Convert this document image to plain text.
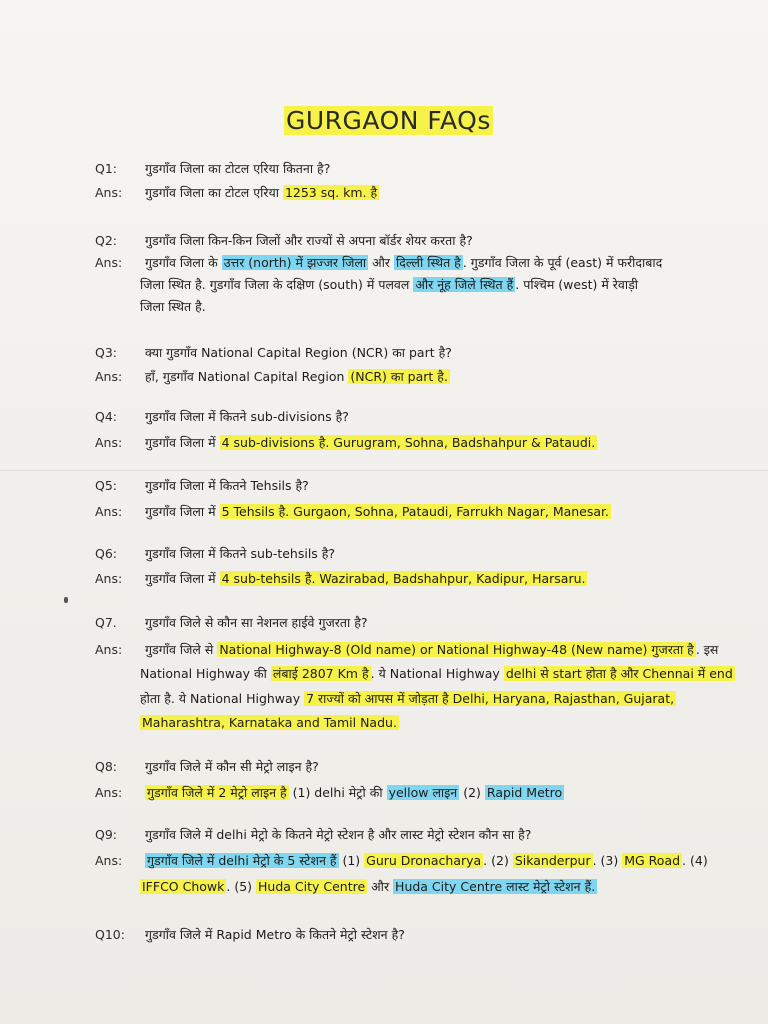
GURGAON FAQs
Q1: गुडगाँव जिला का टोटल एरिया कितना है?
Ans: गुडगाँव जिला का टोटल एरिया 1253 sq. km. है
Q2: गुडगाँव जिला किन-किन जिलों और राज्यों से अपना बॉर्डर शेयर करता है?
Ans: गुडगाँव जिला के उत्तर (north) में झज्जर जिला और दिल्ली स्थित है . गुडगाँव जिला के पूर्व (east) में फरीदाबाद
जिला स्थित है. गुडगाँव जिला के दक्षिण (south) में पलवल और नूंह जिले स्थित हैं . पश्चिम (west) में रेवाड़ी
जिला स्थित है.
Q3: क्या गुडगाँव National Capital Region (NCR) का part है?
Ans: हाँ, गुडगाँव National Capital Region (NCR) का part है.
Q4: गुडगाँव जिला में कितने sub-divisions है?
Ans: गुडगाँव जिला में 4 sub-divisions है. Gurugram, Sohna, Badshahpur & Pataudi.
Q5: गुडगाँव जिला में कितने Tehsils है?
Ans: गुडगाँव जिला में 5 Tehsils है. Gurgaon, Sohna, Pataudi, Farrukh Nagar, Manesar.
Q6: गुडगाँव जिला में कितने sub-tehsils है?
Ans: गुडगाँव जिला में 4 sub-tehsils है. Wazirabad, Badshahpur, Kadipur, Harsaru.
Q7. गुडगाँव जिले से कौन सा नेशनल हाईवे गुजरता है?
Ans: गुडगाँव जिले से National Highway-8 (Old name) or National Highway-48 (New name) गुजरता है . इस
National Highway की लंबाई 2807 Km है . ये National Highway delhi से start होता है और Chennai में end
होता है. ये National Highway 7 राज्यों को आपस में जोड़ता है Delhi, Haryana, Rajasthan, Gujarat,
Maharashtra, Karnataka and Tamil Nadu.
Q8: गुडगाँव जिले में कौन सी मेट्रो लाइन है?
Ans: गुडगाँव जिले में 2 मेट्रो लाइन है (1) delhi मेट्रो की yellow लाइन (2) Rapid Metro
Q9: गुडगाँव जिले में delhi मेट्रो के कितने मेट्रो स्टेशन है और लास्ट मेट्रो स्टेशन कौन सा है?
Ans: गुडगाँव जिले में delhi मेट्रो के 5 स्टेशन हैं (1) Guru Dronacharya . (2) Sikanderpur . (3) MG Road . (4)
IFFCO Chowk . (5) Huda City Centre और Huda City Centre लास्ट मेट्रो स्टेशन हैं.
Q10: गुडगाँव जिले में Rapid Metro के कितने मेट्रो स्टेशन है?
